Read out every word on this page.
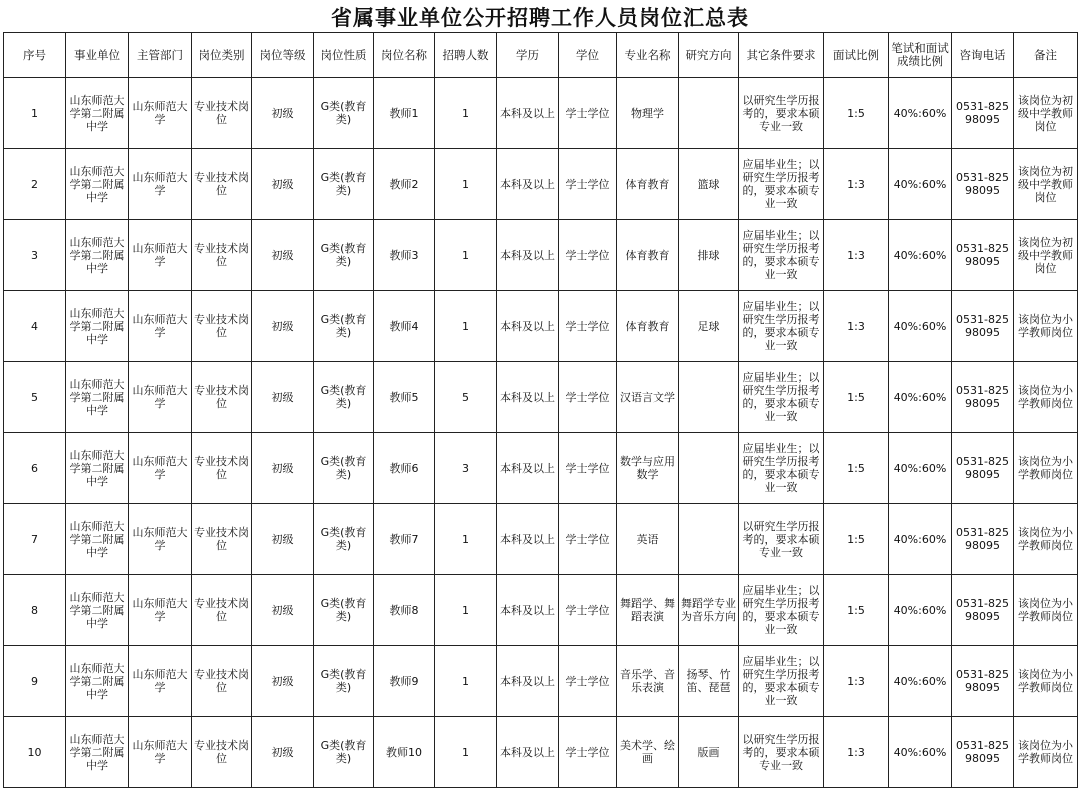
省属事业单位公开招聘工作人员岗位汇总表
序号	事业单位	主管部门	岗位类别	岗位等级	岗位性质	岗位名称	招聘人数	学历	学位	专业名称	研究方向	其它条件要求	面试比例	笔试和面试成绩比例	咨询电话	备注
1	山东师范大学第二附属中学	山东师范大学	专业技术岗位	初级	G类(教育类)	教师1	1	本科及以上	学士学位	物理学		以研究生学历报考的，要求本硕专业一致	1:5	40%:60%	0531-82598095	该岗位为初级中学教师岗位
2	山东师范大学第二附属中学	山东师范大学	专业技术岗位	初级	G类(教育类)	教师2	1	本科及以上	学士学位	体育教育	篮球	应届毕业生；以研究生学历报考的，要求本硕专业一致	1:3	40%:60%	0531-82598095	该岗位为初级中学教师岗位
3	山东师范大学第二附属中学	山东师范大学	专业技术岗位	初级	G类(教育类)	教师3	1	本科及以上	学士学位	体育教育	排球	应届毕业生；以研究生学历报考的，要求本硕专业一致	1:3	40%:60%	0531-82598095	该岗位为初级中学教师岗位
4	山东师范大学第二附属中学	山东师范大学	专业技术岗位	初级	G类(教育类)	教师4	1	本科及以上	学士学位	体育教育	足球	应届毕业生；以研究生学历报考的，要求本硕专业一致	1:3	40%:60%	0531-82598095	该岗位为小学教师岗位
5	山东师范大学第二附属中学	山东师范大学	专业技术岗位	初级	G类(教育类)	教师5	5	本科及以上	学士学位	汉语言文学		应届毕业生；以研究生学历报考的，要求本硕专业一致	1:5	40%:60%	0531-82598095	该岗位为小学教师岗位
6	山东师范大学第二附属中学	山东师范大学	专业技术岗位	初级	G类(教育类)	教师6	3	本科及以上	学士学位	数学与应用数学		应届毕业生；以研究生学历报考的，要求本硕专业一致	1:5	40%:60%	0531-82598095	该岗位为小学教师岗位
7	山东师范大学第二附属中学	山东师范大学	专业技术岗位	初级	G类(教育类)	教师7	1	本科及以上	学士学位	英语		以研究生学历报考的，要求本硕专业一致	1:5	40%:60%	0531-82598095	该岗位为小学教师岗位
8	山东师范大学第二附属中学	山东师范大学	专业技术岗位	初级	G类(教育类)	教师8	1	本科及以上	学士学位	舞蹈学、舞蹈表演	舞蹈学专业为音乐方向	应届毕业生；以研究生学历报考的，要求本硕专业一致	1:5	40%:60%	0531-82598095	该岗位为小学教师岗位
9	山东师范大学第二附属中学	山东师范大学	专业技术岗位	初级	G类(教育类)	教师9	1	本科及以上	学士学位	音乐学、音乐表演	扬琴、竹笛、琵琶	应届毕业生；以研究生学历报考的，要求本硕专业一致	1:3	40%:60%	0531-82598095	该岗位为小学教师岗位
10	山东师范大学第二附属中学	山东师范大学	专业技术岗位	初级	G类(教育类)	教师10	1	本科及以上	学士学位	美术学、绘画	版画	以研究生学历报考的，要求本硕专业一致	1:3	40%:60%	0531-82598095	该岗位为小学教师岗位
